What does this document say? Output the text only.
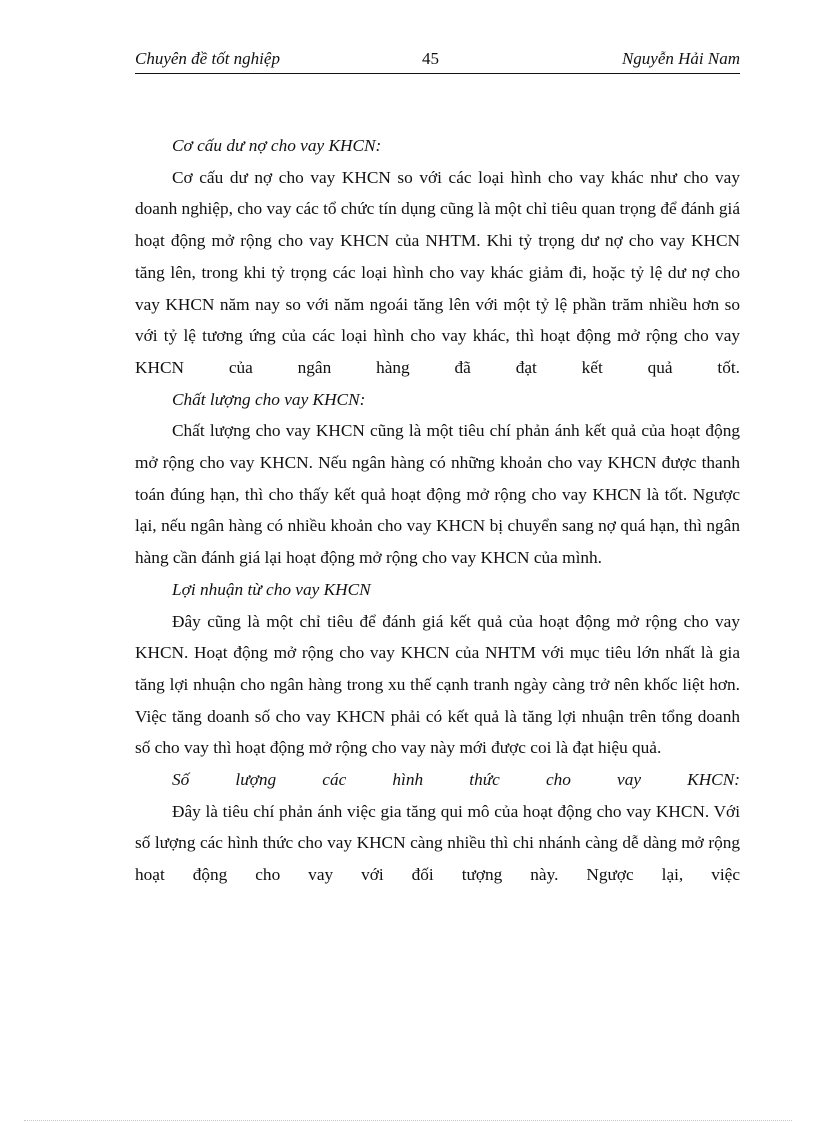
Chuyên đề tốt nghiệp	45	Nguyễn Hải Nam

Cơ cấu dư nợ cho vay KHCN:

Cơ cấu dư nợ cho vay KHCN so với các loại hình cho vay khác như cho vay doanh nghiệp, cho vay các tổ chức tín dụng cũng là một chỉ tiêu quan trọng để đánh giá hoạt động mở rộng cho vay KHCN của NHTM. Khi tỷ trọng dư nợ cho vay KHCN tăng lên, trong khi tỷ trọng các loại hình cho vay khác giảm đi, hoặc tỷ lệ dư nợ cho vay KHCN năm nay so với năm ngoái tăng lên với một tỷ lệ phần trăm nhiều hơn so với tỷ lệ tương ứng của các loại hình cho vay khác, thì hoạt động mở rộng cho vay KHCN của ngân hàng đã đạt kết quả tốt.

Chất lượng cho vay KHCN:

Chất lượng cho vay KHCN cũng là một tiêu chí phản ánh kết quả của hoạt động mở rộng cho vay KHCN. Nếu ngân hàng có những khoản cho vay KHCN được thanh toán đúng hạn, thì cho thấy kết quả hoạt động mở rộng cho vay KHCN là tốt. Ngược lại, nếu ngân hàng có nhiều khoản cho vay KHCN bị chuyển sang nợ quá hạn, thì ngân hàng cần đánh giá lại hoạt động mở rộng cho vay KHCN của mình.

Lợi nhuận từ cho vay KHCN

Đây cũng là một chỉ tiêu để đánh giá kết quả của hoạt động mở rộng cho vay KHCN. Hoạt động mở rộng cho vay KHCN của NHTM với mục tiêu lớn nhất là gia tăng lợi nhuận cho ngân hàng trong xu thế cạnh tranh ngày càng trở nên khốc liệt hơn. Việc tăng doanh số cho vay KHCN phải có kết quả là tăng lợi nhuận trên tổng doanh số cho vay thì hoạt động mở rộng cho vay này mới được coi là đạt hiệu quả.

Số lượng các hình thức cho vay KHCN:

Đây là tiêu chí phản ánh việc gia tăng qui mô của hoạt động cho vay KHCN. Với số lượng các hình thức cho vay KHCN càng nhiều thì chi nhánh càng dễ dàng mở rộng hoạt động cho vay với đối tượng này. Ngược lại, việc
